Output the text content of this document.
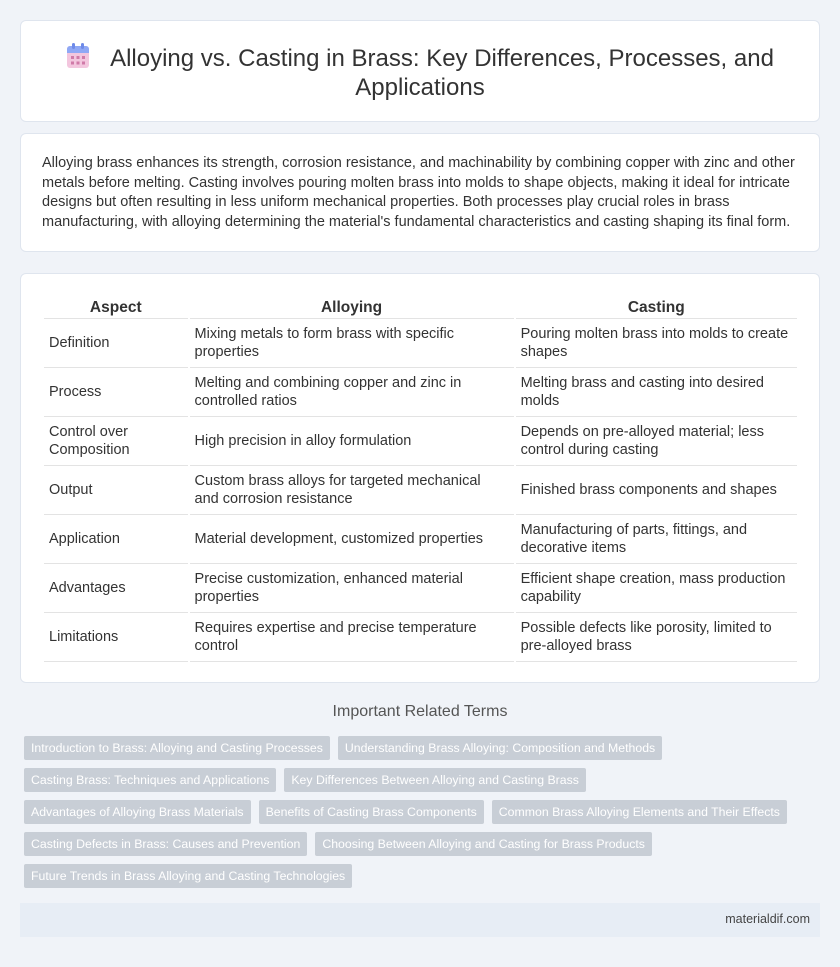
Alloying vs. Casting in Brass: Key Differences, Processes, and
Applications

Alloying brass enhances its strength, corrosion resistance, and machinability by combining copper with zinc and other metals before melting. Casting involves pouring molten brass into molds to shape objects, making it ideal for intricate designs but often resulting in less uniform mechanical properties. Both processes play crucial roles in brass manufacturing, with alloying determining the material's fundamental characteristics and casting shaping its final form.

Aspect	Alloying	Casting
Definition	Mixing metals to form brass with specific properties	Pouring molten brass into molds to create shapes
Process	Melting and combining copper and zinc in controlled ratios	Melting brass and casting into desired molds
Control over Composition	High precision in alloy formulation	Depends on pre-alloyed material; less control during casting
Output	Custom brass alloys for targeted mechanical and corrosion resistance	Finished brass components and shapes
Application	Material development, customized properties	Manufacturing of parts, fittings, and decorative items
Advantages	Precise customization, enhanced material properties	Efficient shape creation, mass production capability
Limitations	Requires expertise and precise temperature control	Possible defects like porosity, limited to pre-alloyed brass
Important Related Terms
Introduction to Brass: Alloying and Casting Processes	Understanding Brass Alloying: Composition and Methods
Casting Brass: Techniques and Applications	Key Differences Between Alloying and Casting Brass
Advantages of Alloying Brass Materials	Benefits of Casting Brass Components	Common Brass Alloying Elements and Their Effects
Casting Defects in Brass: Causes and Prevention	Choosing Between Alloying and Casting for Brass Products
Future Trends in Brass Alloying and Casting Technologies
materialdif.com
